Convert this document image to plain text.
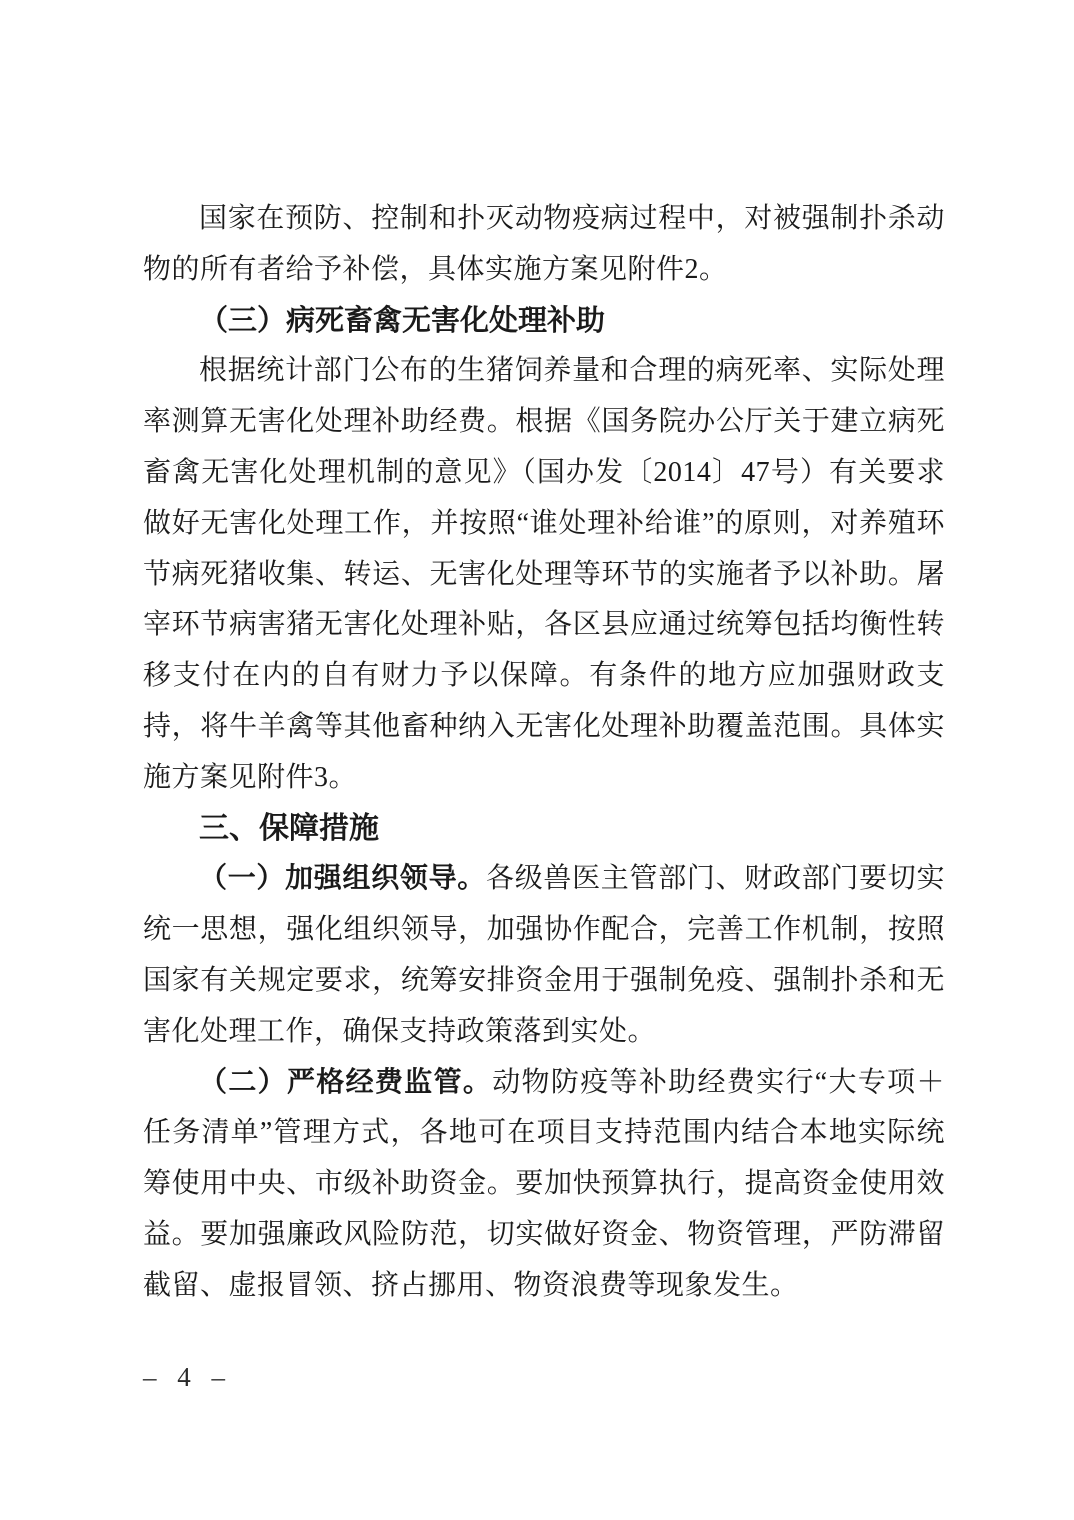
国家在预防、控制和扑灭动物疫病过程中，对被强制扑杀动物的所有者给予补偿，具体实施方案见附件2。

（三）病死畜禽无害化处理补助

根据统计部门公布的生猪饲养量和合理的病死率、实际处理率测算无害化处理补助经费。根据《国务院办公厅关于建立病死畜禽无害化处理机制的意见》（国办发〔2014〕47号）有关要求做好无害化处理工作，并按照“谁处理补给谁”的原则，对养殖环节病死猪收集、转运、无害化处理等环节的实施者予以补助。屠宰环节病害猪无害化处理补贴，各区县应通过统筹包括均衡性转移支付在内的自有财力予以保障。有条件的地方应加强财政支持，将牛羊禽等其他畜种纳入无害化处理补助覆盖范围。具体实施方案见附件3。

三、保障措施

（一）加强组织领导。各级兽医主管部门、财政部门要切实统一思想，强化组织领导，加强协作配合，完善工作机制，按照国家有关规定要求，统筹安排资金用于强制免疫、强制扑杀和无害化处理工作，确保支持政策落到实处。

（二）严格经费监管。动物防疫等补助经费实行“大专项＋任务清单”管理方式，各地可在项目支持范围内结合本地实际统筹使用中央、市级补助资金。要加快预算执行，提高资金使用效益。要加强廉政风险防范，切实做好资金、物资管理，严防滞留截留、虚报冒领、挤占挪用、物资浪费等现象发生。

– 4 –
